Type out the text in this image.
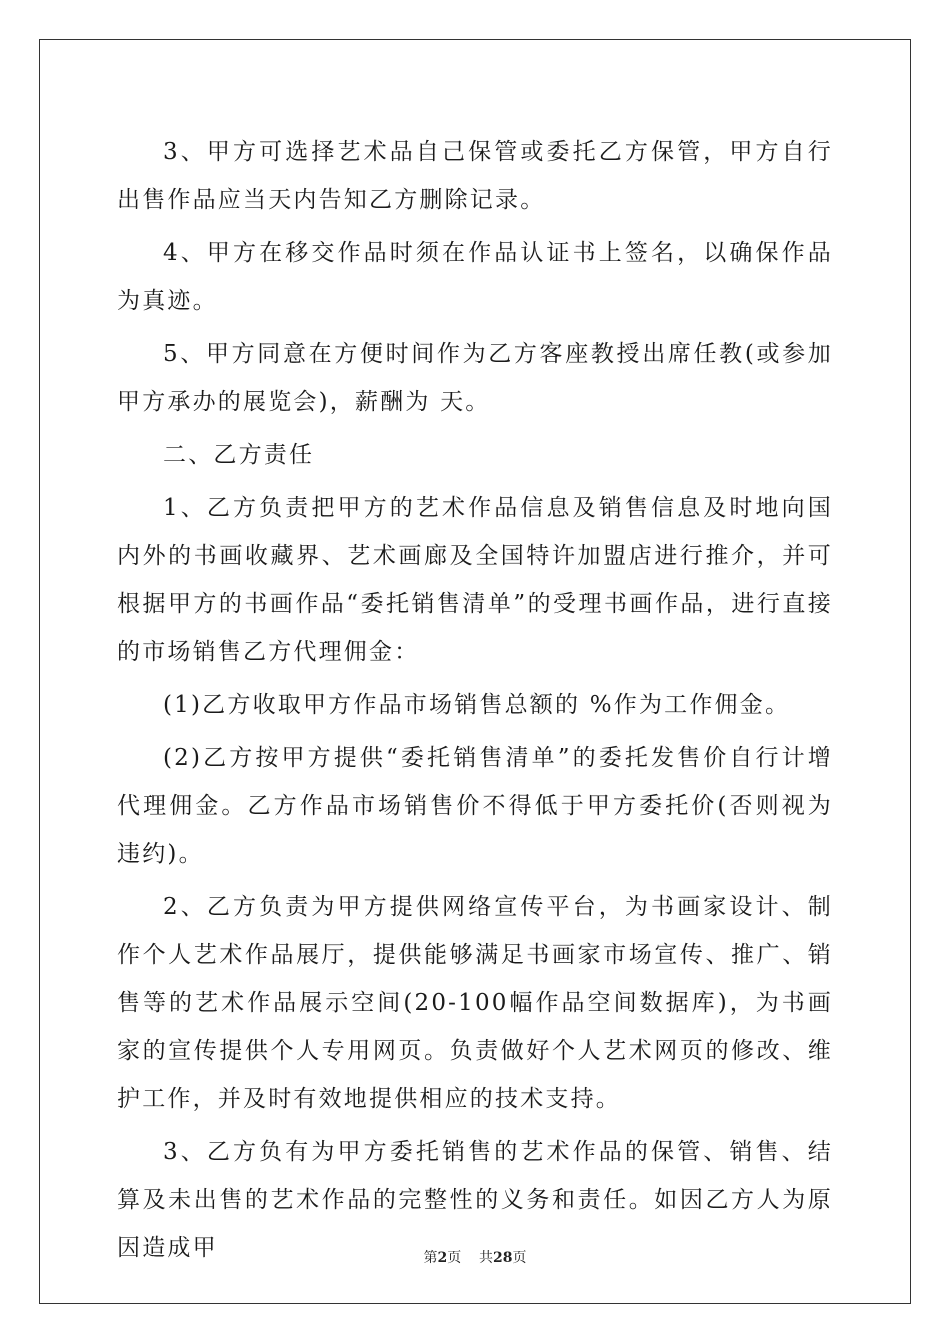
3、甲方可选择艺术品自己保管或委托乙方保管，甲方自行出售作品应当天内告知乙方删除记录。

4、甲方在移交作品时须在作品认证书上签名，以确保作品为真迹。

5、甲方同意在方便时间作为乙方客座教授出席任教(或参加甲方承办的展览会)，薪酬为 天。

二、乙方责任

1、乙方负责把甲方的艺术作品信息及销售信息及时地向国内外的书画收藏界、艺术画廊及全国特许加盟店进行推介，并可根据甲方的书画作品“委托销售清单”的受理书画作品，进行直接的市场销售乙方代理佣金：

(1)乙方收取甲方作品市场销售总额的 %作为工作佣金。

(2)乙方按甲方提供“委托销售清单”的委托发售价自行计增代理佣金。乙方作品市场销售价不得低于甲方委托价(否则视为违约)。

2、乙方负责为甲方提供网络宣传平台，为书画家设计、制作个人艺术作品展厅，提供能够满足书画家市场宣传、推广、销售等的艺术作品展示空间(20-100幅作品空间数据库)，为书画家的宣传提供个人专用网页。负责做好个人艺术网页的修改、维护工作，并及时有效地提供相应的技术支持。

3、乙方负有为甲方委托销售的艺术作品的保管、销售、结算及未出售的艺术作品的完整性的义务和责任。如因乙方人为原因造成甲	第2页 共28页
